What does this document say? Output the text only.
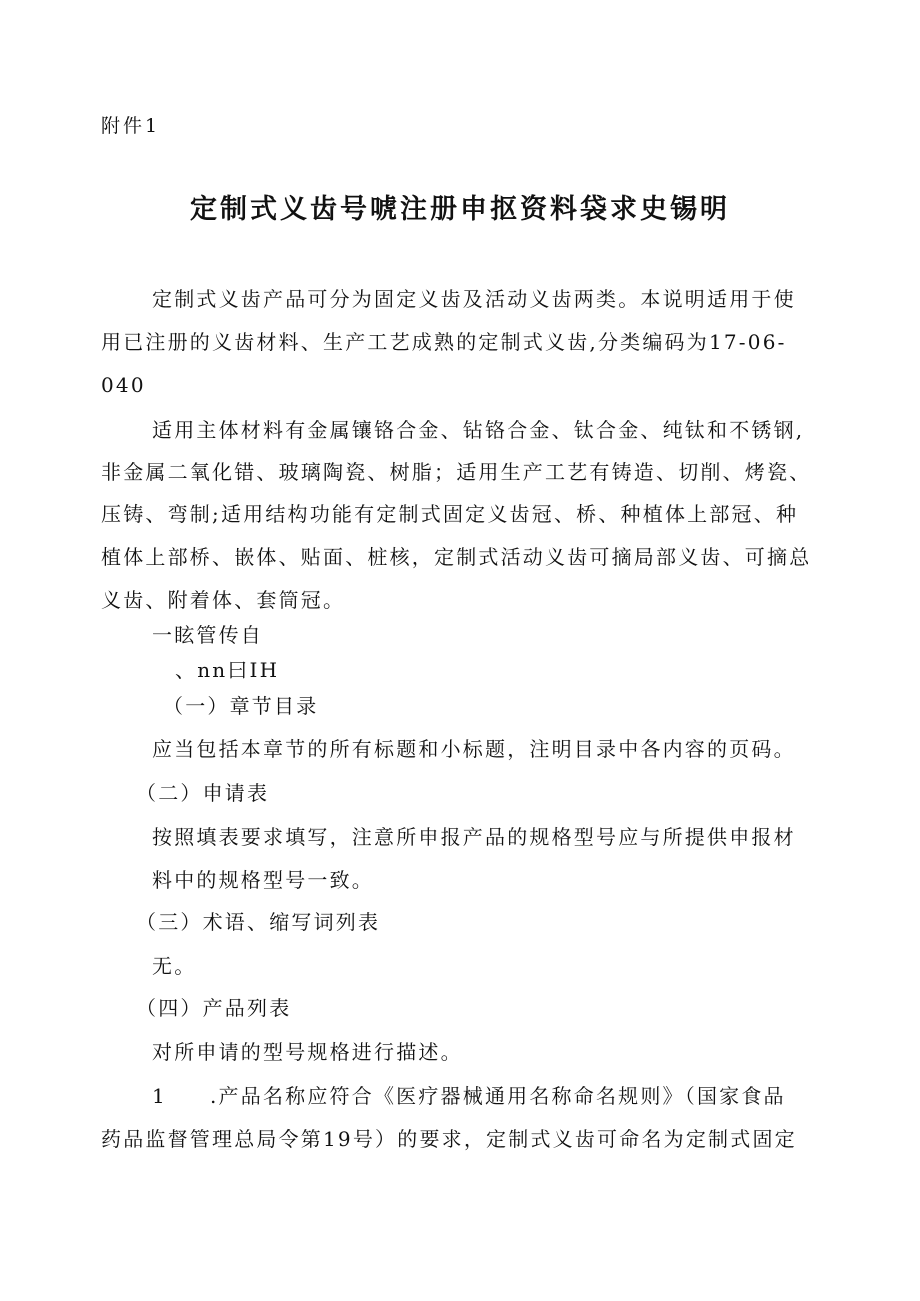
附件1
定制式义齿号唬注册申抠资料袋求史锡明
定制式义齿产品可分为固定义齿及活动义齿两类。本说明适用于使
用已注册的义齿材料、生产工艺成熟的定制式义齿,分类编码为17-06-
040
适用主体材料有金属镶铬合金、钻铬合金、钛合金、纯钛和不锈钢,
非金属二氧化错、玻璃陶瓷、树脂；适用生产工艺有铸造、切削、烤瓷、
压铸、弯制;适用结构功能有定制式固定义齿冠、桥、种植体上部冠、种
植体上部桥、嵌体、贴面、桩核，定制式活动义齿可摘局部义齿、可摘总
义齿、附着体、套筒冠。
一眩管传自
、nn曰IH
（一）章节目录
应当包括本章节的所有标题和小标题，注明目录中各内容的页码。
（二）申请表
按照填表要求填写，注意所申报产品的规格型号应与所提供申报材
料中的规格型号一致。
（三）术语、缩写词列表
无。
（四）产品列表
对所申请的型号规格进行描述。
1 .产品名称应符合《医疗器械通用名称命名规则》（国家食品
药品监督管理总局令第19号）的要求，定制式义齿可命名为定制式固定
